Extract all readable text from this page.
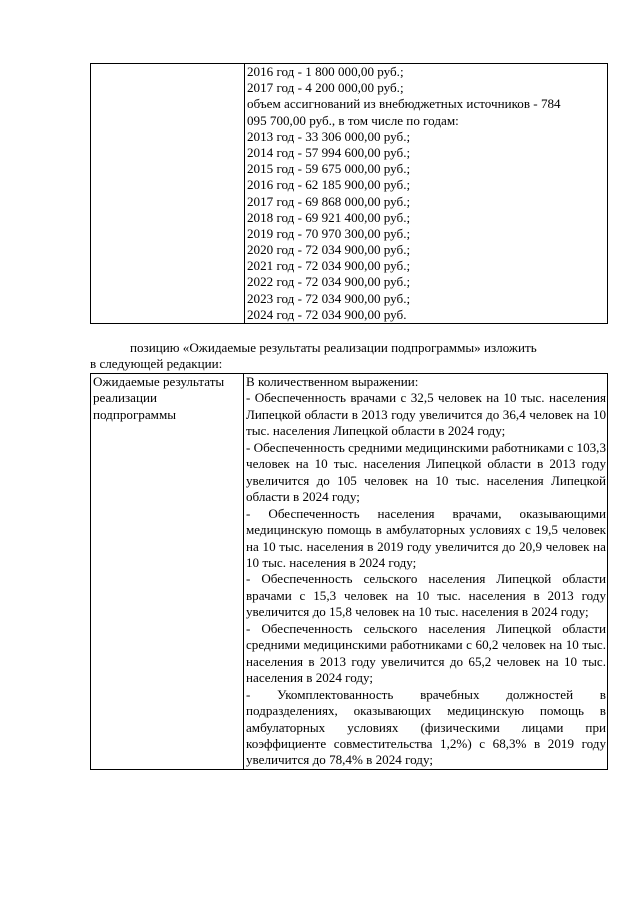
2016 год - 1 800 000,00 руб.;
2017 год - 4 200 000,00 руб.;
объем ассигнований из внебюджетных источников - 784
095 700,00 руб., в том числе по годам:
2013 год - 33 306 000,00 руб.;
2014 год - 57 994 600,00 руб.;
2015 год - 59 675 000,00 руб.;
2016 год - 62 185 900,00 руб.;
2017 год - 69 868 000,00 руб.;
2018 год - 69 921 400,00 руб.;
2019 год - 70 970 300,00 руб.;
2020 год - 72 034 900,00 руб.;
2021 год - 72 034 900,00 руб.;
2022 год - 72 034 900,00 руб.;
2023 год - 72 034 900,00 руб.;
2024 год - 72 034 900,00 руб.
позицию «Ожидаемые результаты реализации подпрограммы» изложить
в следующей редакции:
Ожидаемые результаты реализации подпрограммы	
В количественном выражении:
- Обеспеченность врачами с 32,5 человек на 10 тыс. населения Липецкой области в 2013 году увеличится до 36,4 человек на 10 тыс. населения Липецкой области в 2024 году;
- Обеспеченность средними медицинскими работниками с 103,3 человек на 10 тыс. населения Липецкой области в 2013 году увеличится до 105 человек на 10 тыс. населения Липецкой области в 2024 году;
- Обеспеченность населения врачами, оказывающими медицинскую помощь в амбулаторных условиях с 19,5 человек на 10 тыс. населения в 2019 году увеличится до 20,9 человек на 10 тыс. населения в 2024 году;
- Обеспеченность сельского населения Липецкой области врачами с 15,3 человек на 10 тыс. населения в 2013 году увеличится до 15,8 человек на 10 тыс. населения в 2024 году;
- Обеспеченность сельского населения Липецкой области средними медицинскими работниками с 60,2 человек на 10 тыс. населения в 2013 году увеличится до 65,2 человек на 10 тыс. населения в 2024 году;
- Укомплектованность врачебных должностей в подразделениях, оказывающих медицинскую помощь в амбулаторных условиях (физическими лицами при коэффициенте совместительства 1,2%) с 68,3% в 2019 году увеличится до 78,4% в 2024 году;
